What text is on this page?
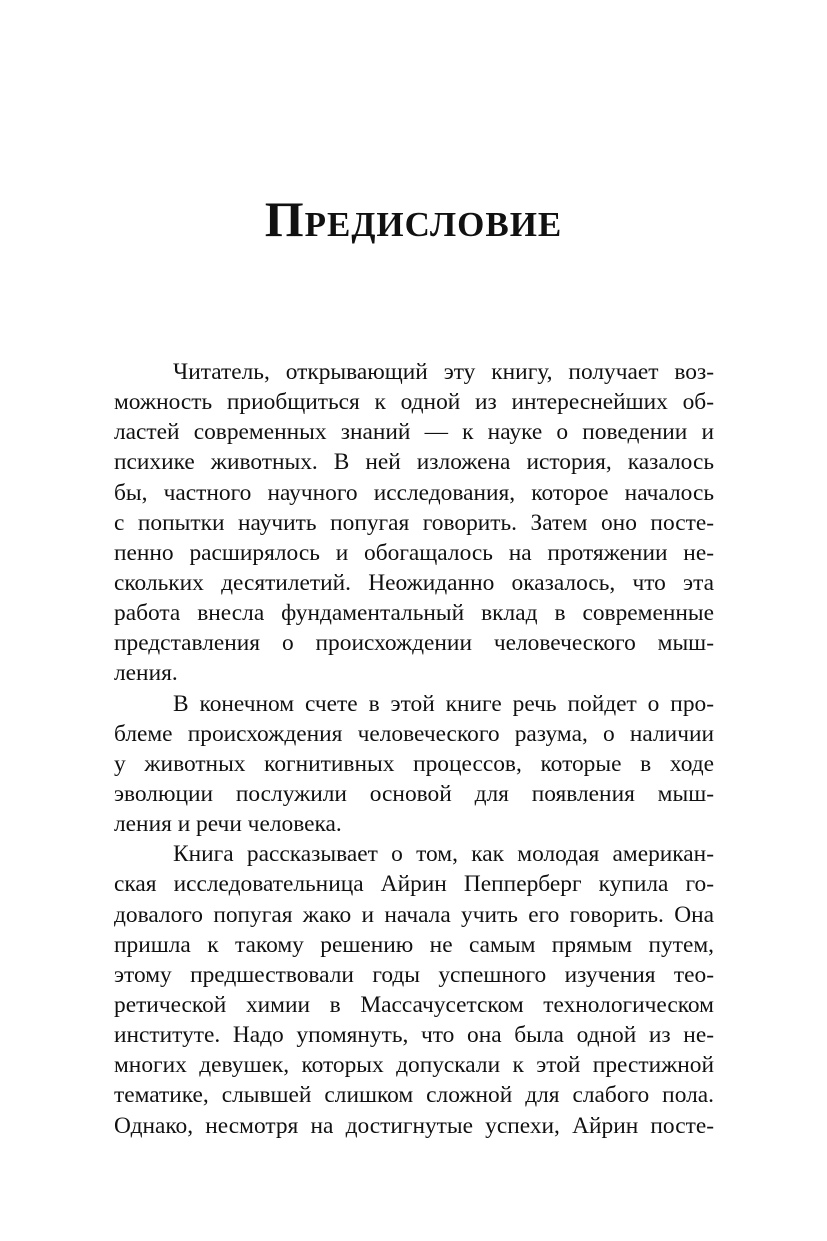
Предисловие
Читатель, открывающий эту книгу, получает воз-
можность приобщиться к одной из интереснейших об-
ластей современных знаний — к науке о поведении и
психике животных. В ней изложена история, казалось
бы, частного научного исследования, которое началось
с попытки научить попугая говорить. Затем оно посте-
пенно расширялось и обогащалось на протяжении не-
скольких десятилетий. Неожиданно оказалось, что эта
работа внесла фундаментальный вклад в современные
представления о происхождении человеческого мыш-
ления.
В конечном счете в этой книге речь пойдет о про-
блеме происхождения человеческого разума, о наличии
у животных когнитивных процессов, которые в ходе
эволюции послужили основой для появления мыш-
ления и речи человека.
Книга рассказывает о том, как молодая американ-
ская исследовательница Айрин Пепперберг купила го-
довалого попугая жако и начала учить его говорить. Она
пришла к такому решению не самым прямым путем,
этому предшествовали годы успешного изучения тео-
ретической химии в Массачусетском технологическом
институте. Надо упомянуть, что она была одной из не-
многих девушек, которых допускали к этой престижной
тематике, слывшей слишком сложной для слабого пола.
Однако, несмотря на достигнутые успехи, Айрин посте-
